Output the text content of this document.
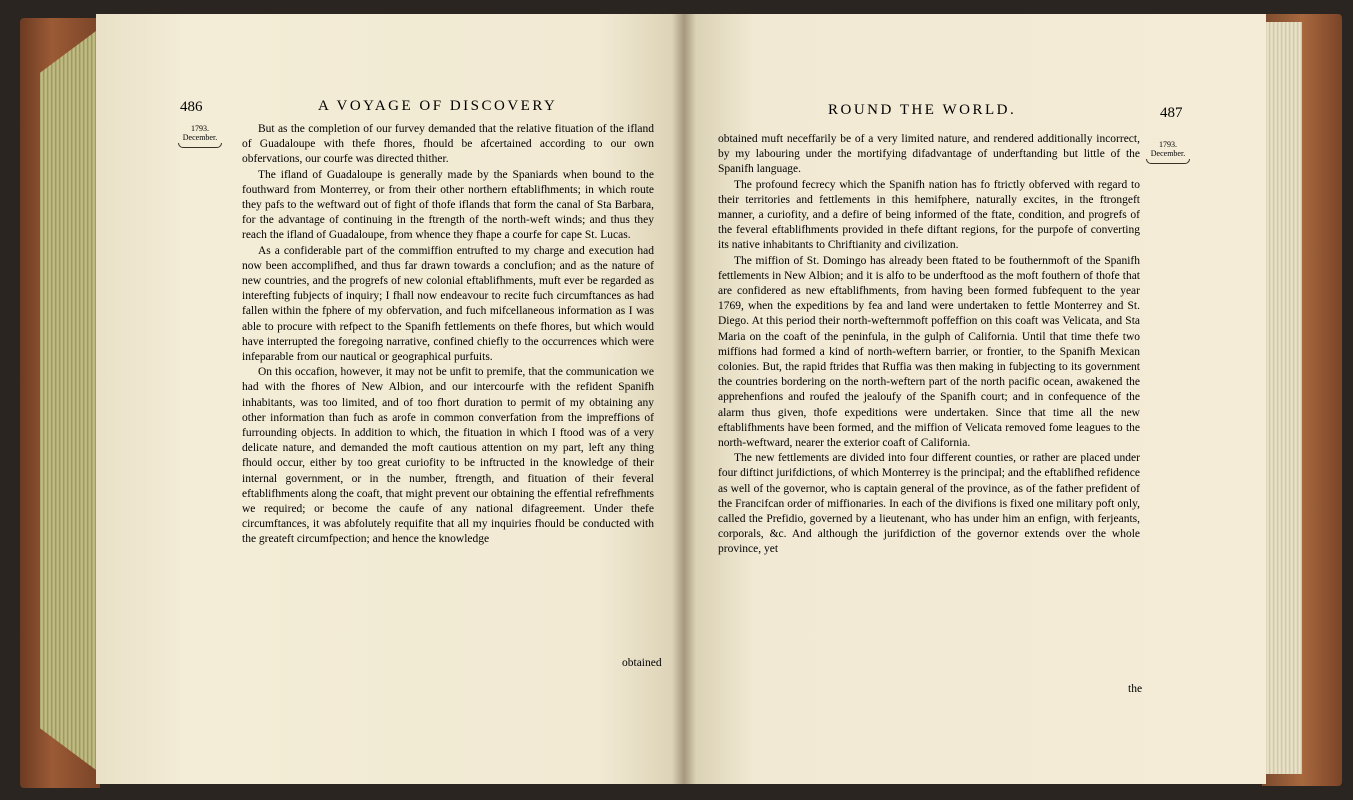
486	A VOYAGE OF DISCOVERY
1793.
December.

But as the completion of our furvey demanded that the relative fituation of the ifland of Guadaloupe with thefe fhores, fhould be afcertained according to our own obfervations, our courfe was directed thither.

The ifland of Guadaloupe is generally made by the Spaniards when bound to the fouthward from Monterrey, or from their other northern eftablifhments; in which route they pafs to the weftward out of fight of thofe iflands that form the canal of Sta Barbara, for the advantage of continuing in the ftrength of the north-weft winds; and thus they reach the ifland of Guadaloupe, from whence they fhape a courfe for cape St. Lucas.

As a confiderable part of the commiffion entrufted to my charge and execution had now been accomplifhed, and thus far drawn towards a conclufion; and as the nature of new countries, and the progrefs of new colonial eftablifhments, muft ever be regarded as interefting fubjects of inquiry; I fhall now endeavour to recite fuch circumftances as had fallen within the fphere of my obfervation, and fuch mifcellaneous information as I was able to procure with refpect to the Spanifh fettlements on thefe fhores, but which would have interrupted the foregoing narrative, confined chiefly to the occurrences which were infeparable from our nautical or geographical purfuits.

On this occafion, however, it may not be unfit to premife, that the communication we had with the fhores of New Albion, and our intercourfe with the refident Spanifh inhabitants, was too limited, and of too fhort duration to permit of my obtaining any other information than fuch as arofe in common converfation from the impreffions of furrounding objects. In addition to which, the fituation in which I ftood was of a very delicate nature, and demanded the moft cautious attention on my part, left any thing fhould occur, either by too great curiofity to be inftructed in the knowledge of their internal government, or in the number, ftrength, and fituation of their feveral eftablifhments along the coaft, that might prevent our obtaining the effential refrefhments we required; or become the caufe of any national difagreement. Under thefe circumftances, it was abfolutely requifite that all my inquiries fhould be conducted with the greateft circumfpection; and hence the knowledge

obtained
ROUND THE WORLD.	487
1793.
December.

obtained muft neceffarily be of a very limited nature, and rendered additionally incorrect, by my labouring under the mortifying difadvantage of underftanding but little of the Spanifh language.

The profound fecrecy which the Spanifh nation has fo ftrictly obferved with regard to their territories and fettlements in this hemifphere, naturally excites, in the ftrongeft manner, a curiofity, and a defire of being informed of the ftate, condition, and progrefs of the feveral eftablifhments provided in thefe diftant regions, for the purpofe of converting its native inhabitants to Chriftianity and civilization.

The miffion of St. Domingo has already been ftated to be fouthernmoft of the Spanifh fettlements in New Albion; and it is alfo to be underftood as the moft fouthern of thofe that are confidered as new eftablifhments, from having been formed fubfequent to the year 1769, when the expeditions by fea and land were undertaken to fettle Monterrey and St. Diego. At this period their north-wefternmoft poffeffion on this coaft was Velicata, and Sta Maria on the coaft of the peninfula, in the gulph of California. Until that time thefe two miffions had formed a kind of north-weftern barrier, or frontier, to the Spanifh Mexican colonies. But, the rapid ftrides that Ruffia was then making in fubjecting to its government the countries bordering on the north-weftern part of the north pacific ocean, awakened the apprehenfions and roufed the jealoufy of the Spanifh court; and in confequence of the alarm thus given, thofe expeditions were undertaken. Since that time all the new eftablifhments have been formed, and the miffion of Velicata removed fome leagues to the north-weftward, nearer the exterior coaft of California.

The new fettlements are divided into four different counties, or rather are placed under four diftinct jurifdictions, of which Monterrey is the principal; and the eftablifhed refidence as well of the governor, who is captain general of the province, as of the father prefident of the Francifcan order of miffionaries. In each of the divifions is fixed one military poft only, called the Prefidio, governed by a lieutenant, who has under him an enfign, with ferjeants, corporals, &c. And although the jurifdiction of the governor extends over the whole province, yet

the
